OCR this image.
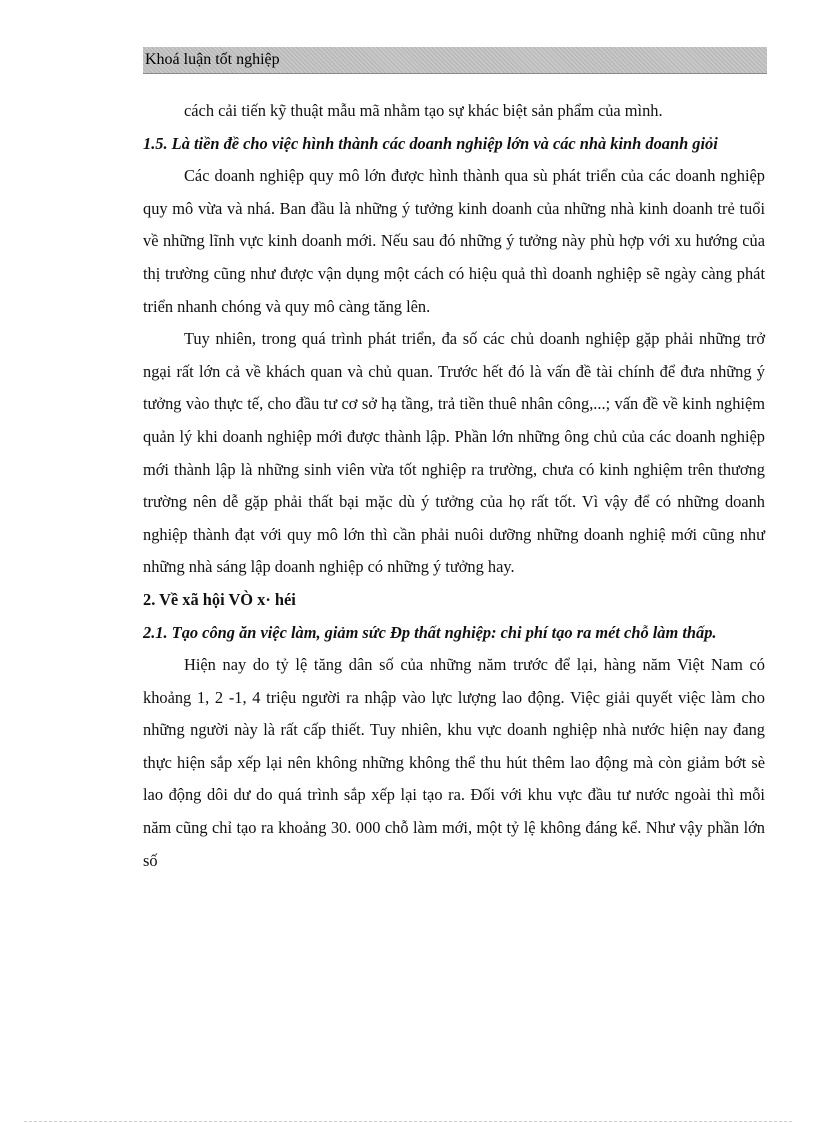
Khoá luận tốt nghiệp

cách cải tiến kỹ thuật mẫu mã nhằm tạo sự khác biệt sản phẩm của mình.

1.5. Là tiền đề cho việc hình thành các doanh nghiệp lớn và các nhà kinh doanh giỏi

Các doanh nghiệp quy mô lớn được hình thành qua sù phát triển của các doanh nghiệp quy mô vừa và nhá. Ban đầu là những ý tưởng kinh doanh của những nhà kinh doanh trẻ tuổi về những lĩnh vực kinh doanh mới. Nếu sau đó những ý tưởng này phù hợp với xu hướng của thị trường cũng như được vận dụng một cách có hiệu quả thì doanh nghiệp sẽ ngày càng phát triển nhanh chóng và quy mô càng tăng lên.

Tuy nhiên, trong quá trình phát triển, đa số các chủ doanh nghiệp gặp phải những trở ngại rất lớn cả về khách quan và chủ quan. Trước hết đó là vấn đề tài chính để đưa những ý tưởng vào thực tế, cho đầu tư cơ sở hạ tầng, trả tiền thuê nhân công,...; vấn đề về kinh nghiệm quản lý khi doanh nghiệp mới được thành lập. Phần lớn những ông chủ của các doanh nghiệp mới thành lập là những sinh viên vừa tốt nghiệp ra trường, chưa có kinh nghiệm trên thương trường nên dễ gặp phải thất bại mặc dù ý tưởng của họ rất tốt. Vì vậy để có những doanh nghiệp thành đạt với quy mô lớn thì cần phải nuôi dưỡng những doanh nghiệ mới cũng như những nhà sáng lập doanh nghiệp có những ý tưởng hay.

2. Về xã hội VÒ x· héi
2.1. Tạo công ăn việc làm, giảm sức Ðp thất nghiệp: chi phí tạo ra mét chỗ làm thấp.

Hiện nay do tỷ lệ tăng dân số của những năm trước để lại, hàng năm Việt Nam có khoảng 1, 2 -1, 4 triệu người ra nhập vào lực lượng lao động. Việc giải quyết việc làm cho những người này là rất cấp thiết. Tuy nhiên, khu vực doanh nghiệp nhà nước hiện nay đang thực hiện sắp xếp lại nên không những không thể thu hút thêm lao động mà còn giảm bớt sè lao động dôi dư do quá trình sắp xếp lại tạo ra. Đối với khu vực đầu tư nước ngoài thì mỗi năm cũng chỉ tạo ra khoảng 30. 000 chỗ làm mới, một tỷ lệ không đáng kể. Như vậy phần lớn số
